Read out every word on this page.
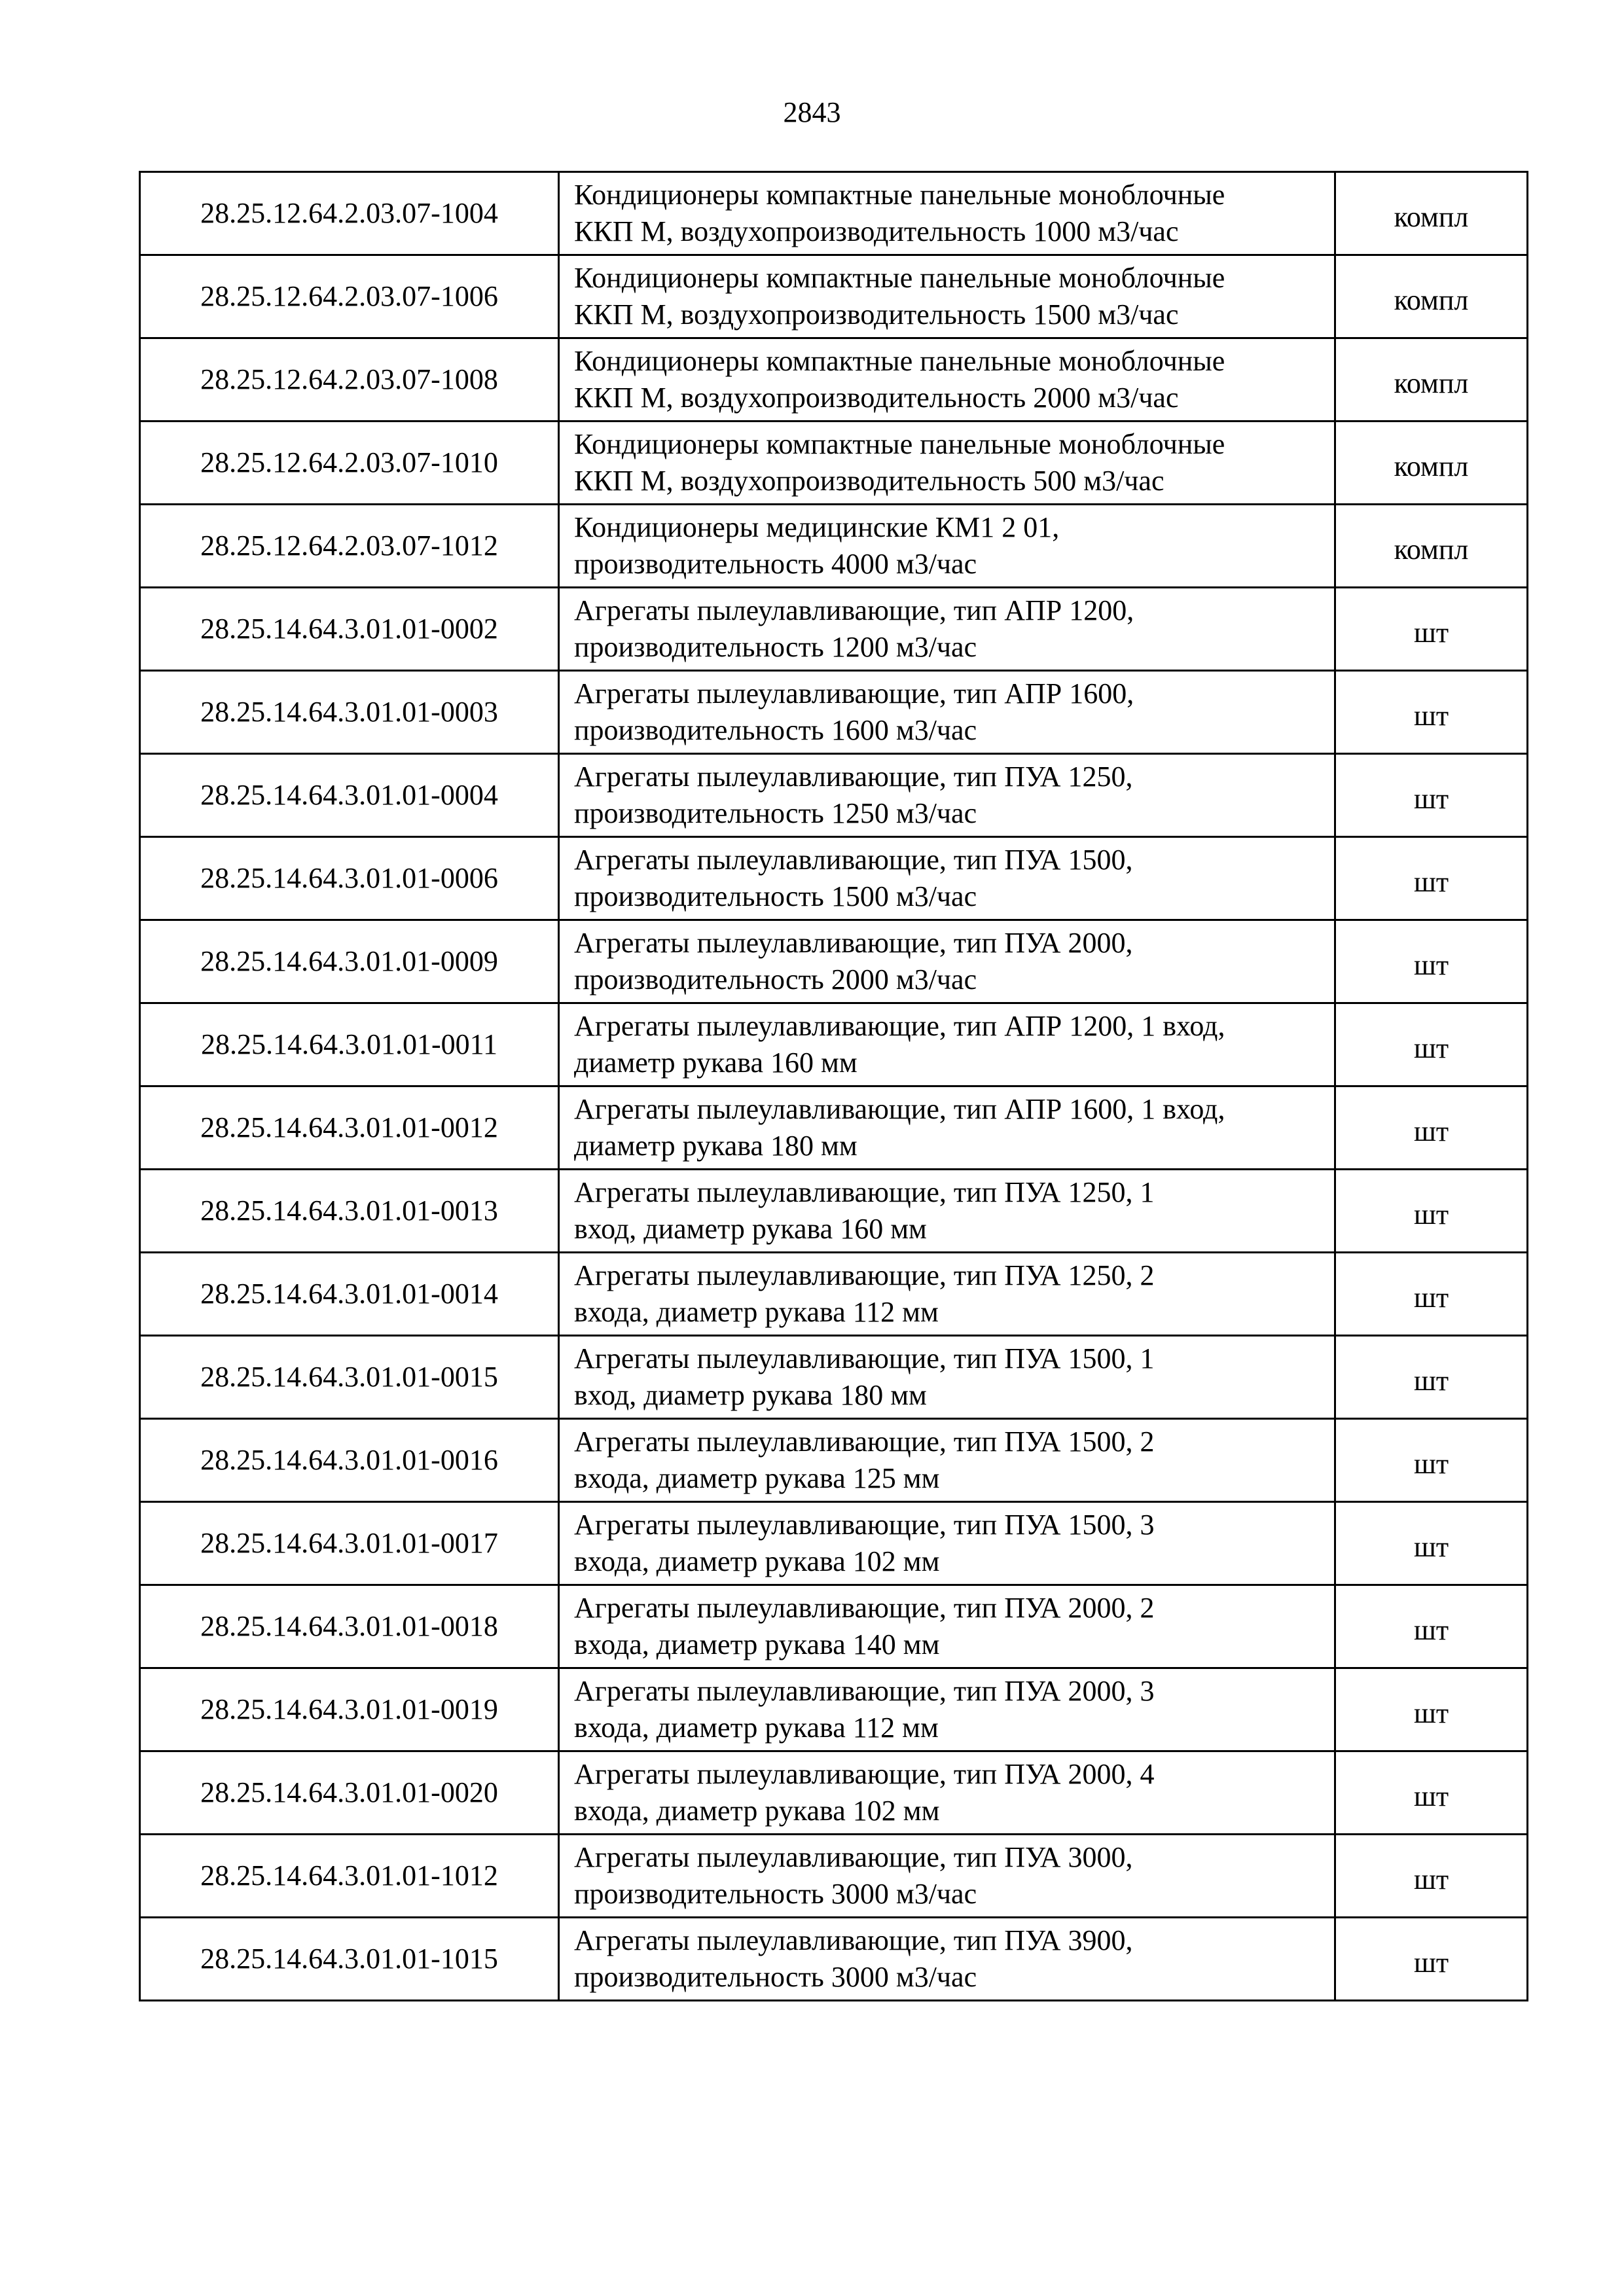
2843
28.25.12.64.2.03.07-1004	Кондиционеры компактные панельные моноблочные
ККП М, воздухопроизводительность 1000 м3/час	компл
28.25.12.64.2.03.07-1006	Кондиционеры компактные панельные моноблочные
ККП М, воздухопроизводительность 1500 м3/час	компл
28.25.12.64.2.03.07-1008	Кондиционеры компактные панельные моноблочные
ККП М, воздухопроизводительность 2000 м3/час	компл
28.25.12.64.2.03.07-1010	Кондиционеры компактные панельные моноблочные
ККП М, воздухопроизводительность 500 м3/час	компл
28.25.12.64.2.03.07-1012	Кондиционеры медицинские КМ1 2 01,
производительность 4000 м3/час	компл
28.25.14.64.3.01.01-0002	Агрегаты пылеулавливающие, тип АПР 1200,
производительность 1200 м3/час	шт
28.25.14.64.3.01.01-0003	Агрегаты пылеулавливающие, тип АПР 1600,
производительность 1600 м3/час	шт
28.25.14.64.3.01.01-0004	Агрегаты пылеулавливающие, тип ПУА 1250,
производительность 1250 м3/час	шт
28.25.14.64.3.01.01-0006	Агрегаты пылеулавливающие, тип ПУА 1500,
производительность 1500 м3/час	шт
28.25.14.64.3.01.01-0009	Агрегаты пылеулавливающие, тип ПУА 2000,
производительность 2000 м3/час	шт
28.25.14.64.3.01.01-0011	Агрегаты пылеулавливающие, тип АПР 1200, 1 вход,
диаметр рукава 160 мм	шт
28.25.14.64.3.01.01-0012	Агрегаты пылеулавливающие, тип АПР 1600, 1 вход,
диаметр рукава 180 мм	шт
28.25.14.64.3.01.01-0013	Агрегаты пылеулавливающие, тип ПУА 1250, 1
вход, диаметр рукава 160 мм	шт
28.25.14.64.3.01.01-0014	Агрегаты пылеулавливающие, тип ПУА 1250, 2
входа, диаметр рукава 112 мм	шт
28.25.14.64.3.01.01-0015	Агрегаты пылеулавливающие, тип ПУА 1500, 1
вход, диаметр рукава 180 мм	шт
28.25.14.64.3.01.01-0016	Агрегаты пылеулавливающие, тип ПУА 1500, 2
входа, диаметр рукава 125 мм	шт
28.25.14.64.3.01.01-0017	Агрегаты пылеулавливающие, тип ПУА 1500, 3
входа, диаметр рукава 102 мм	шт
28.25.14.64.3.01.01-0018	Агрегаты пылеулавливающие, тип ПУА 2000, 2
входа, диаметр рукава 140 мм	шт
28.25.14.64.3.01.01-0019	Агрегаты пылеулавливающие, тип ПУА 2000, 3
входа, диаметр рукава 112 мм	шт
28.25.14.64.3.01.01-0020	Агрегаты пылеулавливающие, тип ПУА 2000, 4
входа, диаметр рукава 102 мм	шт
28.25.14.64.3.01.01-1012	Агрегаты пылеулавливающие, тип ПУА 3000,
производительность 3000 м3/час	шт
28.25.14.64.3.01.01-1015	Агрегаты пылеулавливающие, тип ПУА 3900,
производительность 3000 м3/час	шт
